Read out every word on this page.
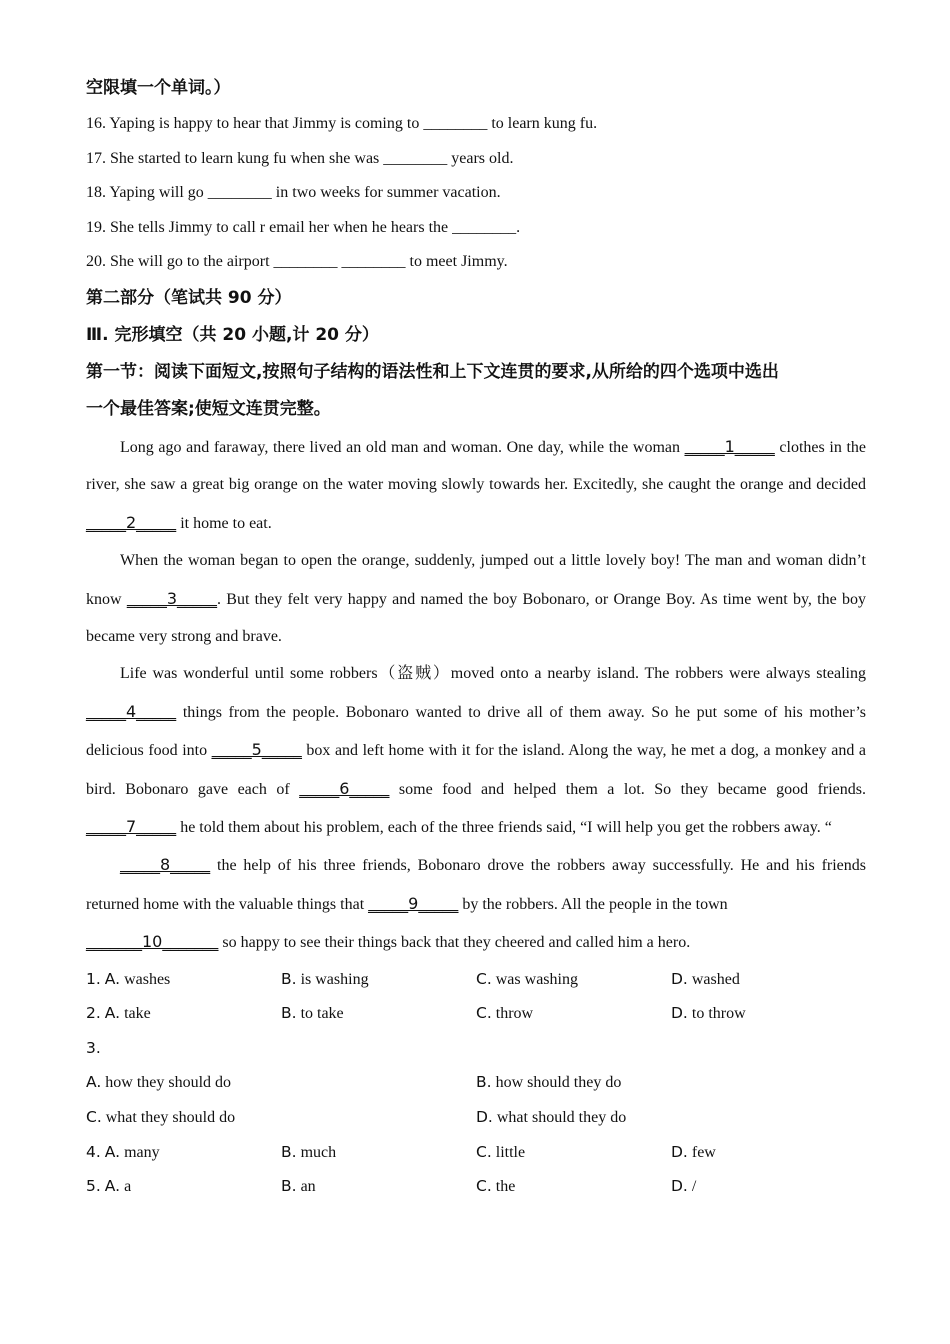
空限填一个单词。）
16. Yaping is happy to hear that Jimmy is coming to ________ to learn kung fu.
17. She started to learn kung fu when she was ________ years old.
18. Yaping will go ________ in two weeks for summer vacation.
19. She tells Jimmy to call r email her when he hears the ________.
20. She will go to the airport ________ ________ to meet Jimmy.
第二部分（笔试共 90 分）
Ⅲ. 完形填空（共 20 小题,计 20 分）
第一节：阅读下面短文,按照句子结构的语法性和上下文连贯的要求,从所给的四个选项中选出
一个最佳答案;使短文连贯完整。

Long ago and faraway, there lived an old man and woman. One day, while the woman _____1_____ clothes in the river, she saw a great big orange on the water moving slowly towards her. Excitedly, she caught the orange and decided _____2_____ it home to eat.

When the woman began to open the orange, suddenly, jumped out a little lovely boy! The man and woman didn’t know _____3_____. But they felt very happy and named the boy Bobonaro, or Orange Boy. As time went by, the boy became very strong and brave.

Life was wonderful until some robbers（盗贼）moved onto a nearby island. The robbers were always stealing _____4_____ things from the people. Bobonaro wanted to drive all of them away. So he put some of his mother’s delicious food into _____5_____ box and left home with it for the island. Along the way, he met a dog, a monkey and a bird. Bobonaro gave each of _____6_____ some food and helped them a lot. So they became good friends. _____7_____ he told them about his problem, each of the three friends said, “I will help you get the robbers away. “

_____8_____ the help of his three friends, Bobonaro drove the robbers away successfully. He and his friends returned home with the valuable things that _____9_____ by the robbers. All the people in the town

_______10_______ so happy to see their things back that they cheered and called him a hero.

1. A. washes	B. is washing	C. was washing	D. washed
2. A. take	B. to take	C. throw	D. to throw
3.
A. how they should do	B. how should they do
C. what they should do	D. what should they do
4. A. many	B. much	C. little	D. few
5. A. a	B. an	C. the	D. /
